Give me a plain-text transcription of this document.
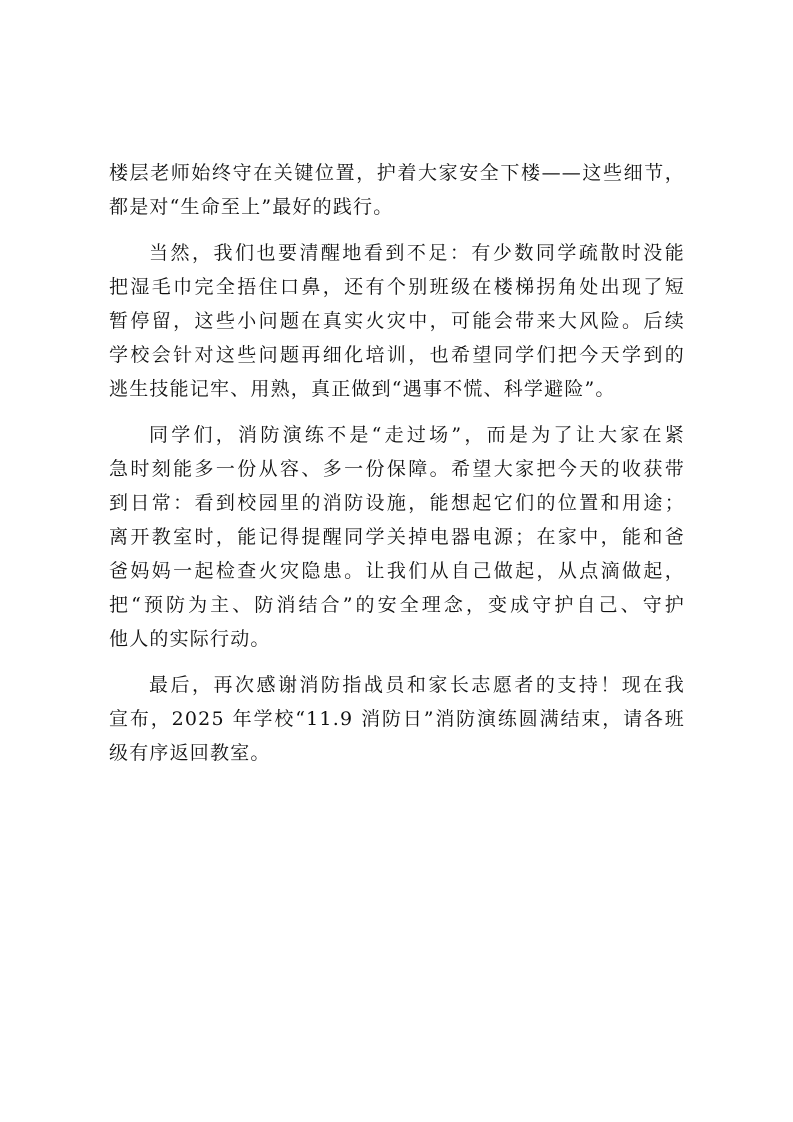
楼层老师始终守在关键位置，护着大家安全下楼——这些细节，
都是对“生命至上”最好的践行。

当然，我们也要清醒地看到不足：有少数同学疏散时没能
把湿毛巾完全捂住口鼻，还有个别班级在楼梯拐角处出现了短
暂停留，这些小问题在真实火灾中，可能会带来大风险。后续
学校会针对这些问题再细化培训，也希望同学们把今天学到的
逃生技能记牢、用熟，真正做到“遇事不慌、科学避险”。

同学们，消防演练不是“走过场”，而是为了让大家在紧
急时刻能多一份从容、多一份保障。希望大家把今天的收获带
到日常：看到校园里的消防设施，能想起它们的位置和用途；
离开教室时，能记得提醒同学关掉电器电源；在家中，能和爸
爸妈妈一起检查火灾隐患。让我们从自己做起，从点滴做起，
把“预防为主、防消结合”的安全理念，变成守护自己、守护
他人的实际行动。

最后，再次感谢消防指战员和家长志愿者的支持！现在我
宣布，2025 年学校“11.9 消防日”消防演练圆满结束，请各班
级有序返回教室。
